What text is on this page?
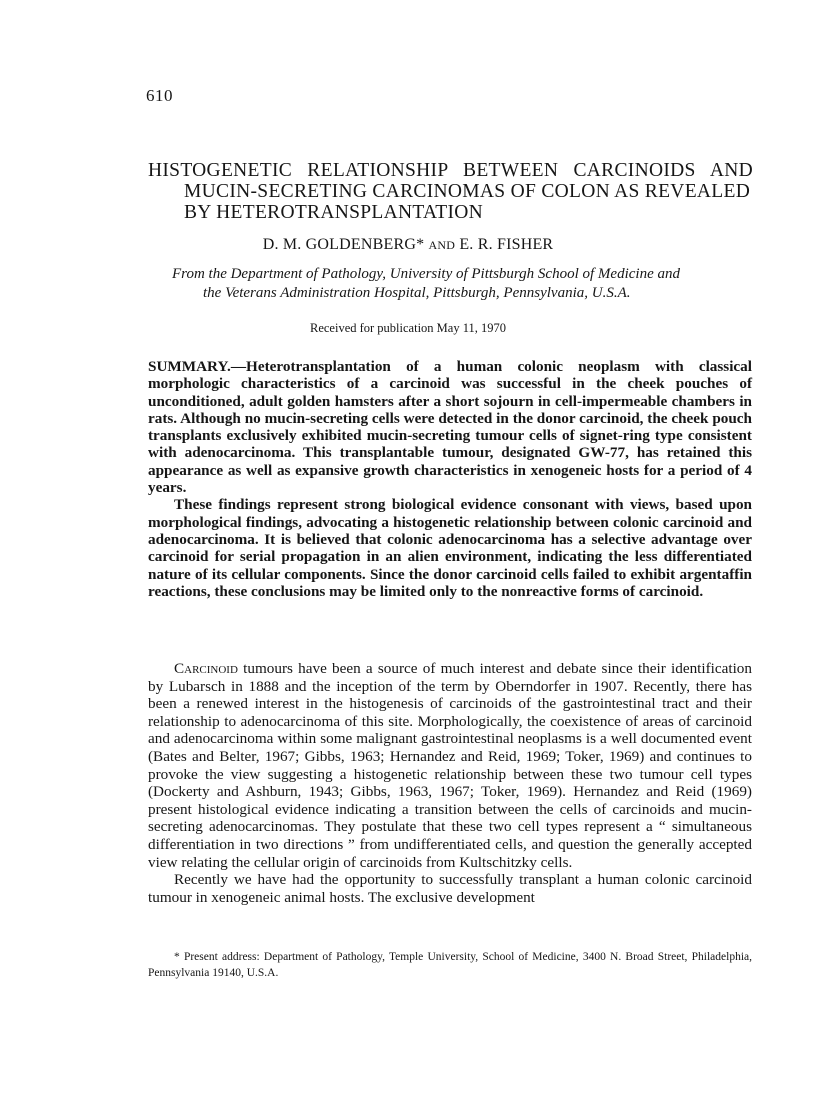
610
HISTOGENETIC RELATIONSHIP BETWEEN CARCINOIDS AND
MUCIN-SECRETING CARCINOMAS OF COLON AS REVEALED
BY HETEROTRANSPLANTATION
D. M. GOLDENBERG* AND E. R. FISHER
From the Department of Pathology, University of Pittsburgh School of Medicine and
the Veterans Administration Hospital, Pittsburgh, Pennsylvania, U.S.A.
Received for publication May 11, 1970

SUMMARY.—Heterotransplantation of a human colonic neoplasm with classical morphologic characteristics of a carcinoid was successful in the cheek pouches of unconditioned, adult golden hamsters after a short sojourn in cell-impermeable chambers in rats. Although no mucin-secreting cells were detected in the donor carcinoid, the cheek pouch transplants exclusively exhibited mucin-secreting tumour cells of signet-ring type consistent with adenocarcinoma. This transplantable tumour, designated GW-77, has retained this appearance as well as expansive growth characteristics in xenogeneic hosts for a period of 4 years.

These findings represent strong biological evidence consonant with views, based upon morphological findings, advocating a histogenetic relationship between colonic carcinoid and adenocarcinoma. It is believed that colonic adenocarcinoma has a selective advantage over carcinoid for serial propagation in an alien environment, indicating the less differentiated nature of its cellular components. Since the donor carcinoid cells failed to exhibit argentaffin reactions, these conclusions may be limited only to the nonreactive forms of carcinoid.

Carcinoid tumours have been a source of much interest and debate since their identification by Lubarsch in 1888 and the inception of the term by Oberndorfer in 1907. Recently, there has been a renewed interest in the histogenesis of carcinoids of the gastrointestinal tract and their relationship to adenocarcinoma of this site. Morphologically, the coexistence of areas of carcinoid and adenocarcinoma within some malignant gastrointestinal neoplasms is a well documented event (Bates and Belter, 1967; Gibbs, 1963; Hernandez and Reid, 1969; Toker, 1969) and continues to provoke the view suggesting a histogenetic relationship between these two tumour cell types (Dockerty and Ashburn, 1943; Gibbs, 1963, 1967; Toker, 1969). Hernandez and Reid (1969) present histological evidence indicating a transition between the cells of carcinoids and mucin-secreting adenocarcinomas. They postulate that these two cell types represent a “ simultaneous differentiation in two directions ” from undifferentiated cells, and question the generally accepted view relating the cellular origin of carcinoids from Kultschitzky cells.

Recently we have had the opportunity to successfully transplant a human colonic carcinoid tumour in xenogeneic animal hosts. The exclusive development

* Present address: Department of Pathology, Temple University, School of Medicine, 3400 N. Broad Street, Philadelphia, Pennsylvania 19140, U.S.A.
